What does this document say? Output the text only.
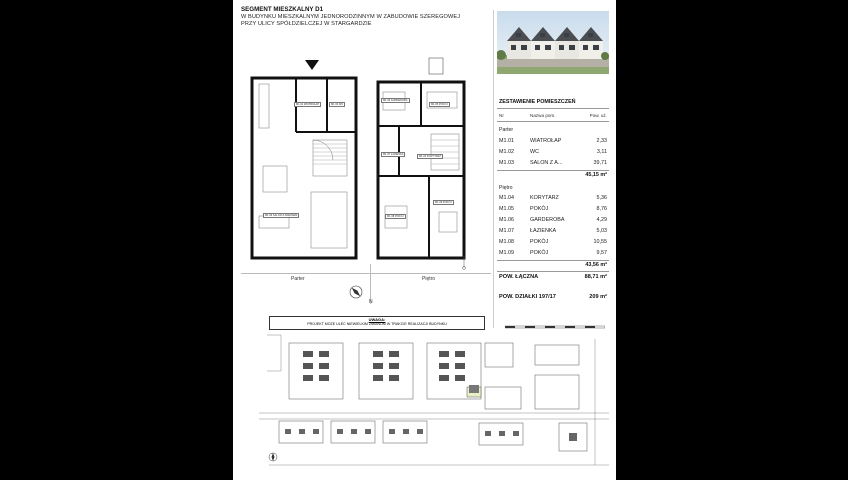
SEGMENT MIESZKALNY D1
W BUDYNKU MIESZKALNYM JEDNORODZINNYM W ZABUDOWIE SZEREGOWEJ
PRZY ULICY SPÓŁDZIELCZEJ W STARGARDZIE
M1.01 WIATROŁAP	M1.02 WC
M1.03 SALON Z ANEKSEM
M1.04 KORYTARZ
M1.05 POKÓJ
M1.06 GARDEROBA
M1.07 ŁAZIENKA
M1.08 POKÓJ
M1.09 POKÓJ
Parter	Piętro
N
UWAGA:
PROJEKT MOŻE ULEC NIEWIELKIM ZMIANOM W TRAKCIE REALIZACJI BUDYNKU
ZESTAWIENIE POMIESZCZEŃ
Nr	Nazwa pom.	Pow. uż.
Parter
M1.01	WIATROŁAP	2,33
M1.02	WC	3,11
M1.03	SALON Z A...	39,71
45,15 m²
Piętro
M1.04	KORYTARZ	5,36
M1.05	POKÓJ	8,76
M1.06	GARDEROBA	4,29
M1.07	ŁAZIENKA	5,03
M1.08	POKÓJ	10,55
M1.09	POKÓJ	9,57
43,56 m²
POW. ŁĄCZNA	88,71 m²
POW. DZIAŁKI 197/17	209 m²
